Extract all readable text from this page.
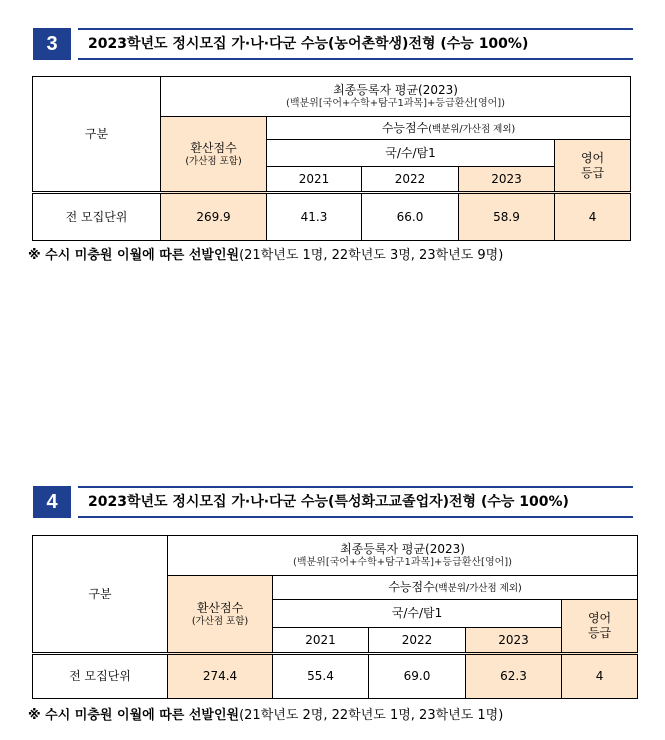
3	2023학년도 정시모집 가·나·다군 수능(농어촌학생)전형 (수능 100%)
구분	최종등록자 평균(2023)
(백분위[국어+수학+탐구1과목]+등급환산[영어])				

	환산점수
(가산점 포함)	수능점수(백분위/가산점 제외)			
		국/수/탐1			영어
등급
		2021	2022	2023	
전 모집단위	269.9	41.3	66.0	58.9	4
※ 수시 미충원 이월에 따른 선발인원(21학년도 1명, 22학년도 3명, 23학년도 9명)
4	2023학년도 정시모집 가·나·다군 수능(특성화고교졸업자)전형 (수능 100%)
구분	최종등록자 평균(2023)
(백분위[국어+수학+탐구1과목]+등급환산[영어])				

	환산점수
(가산점 포함)	수능점수(백분위/가산점 제외)			
		국/수/탐1			영어
등급
		2021	2022	2023	
전 모집단위	274.4	55.4	69.0	62.3	4
※ 수시 미충원 이월에 따른 선발인원(21학년도 2명, 22학년도 1명, 23학년도 1명)
